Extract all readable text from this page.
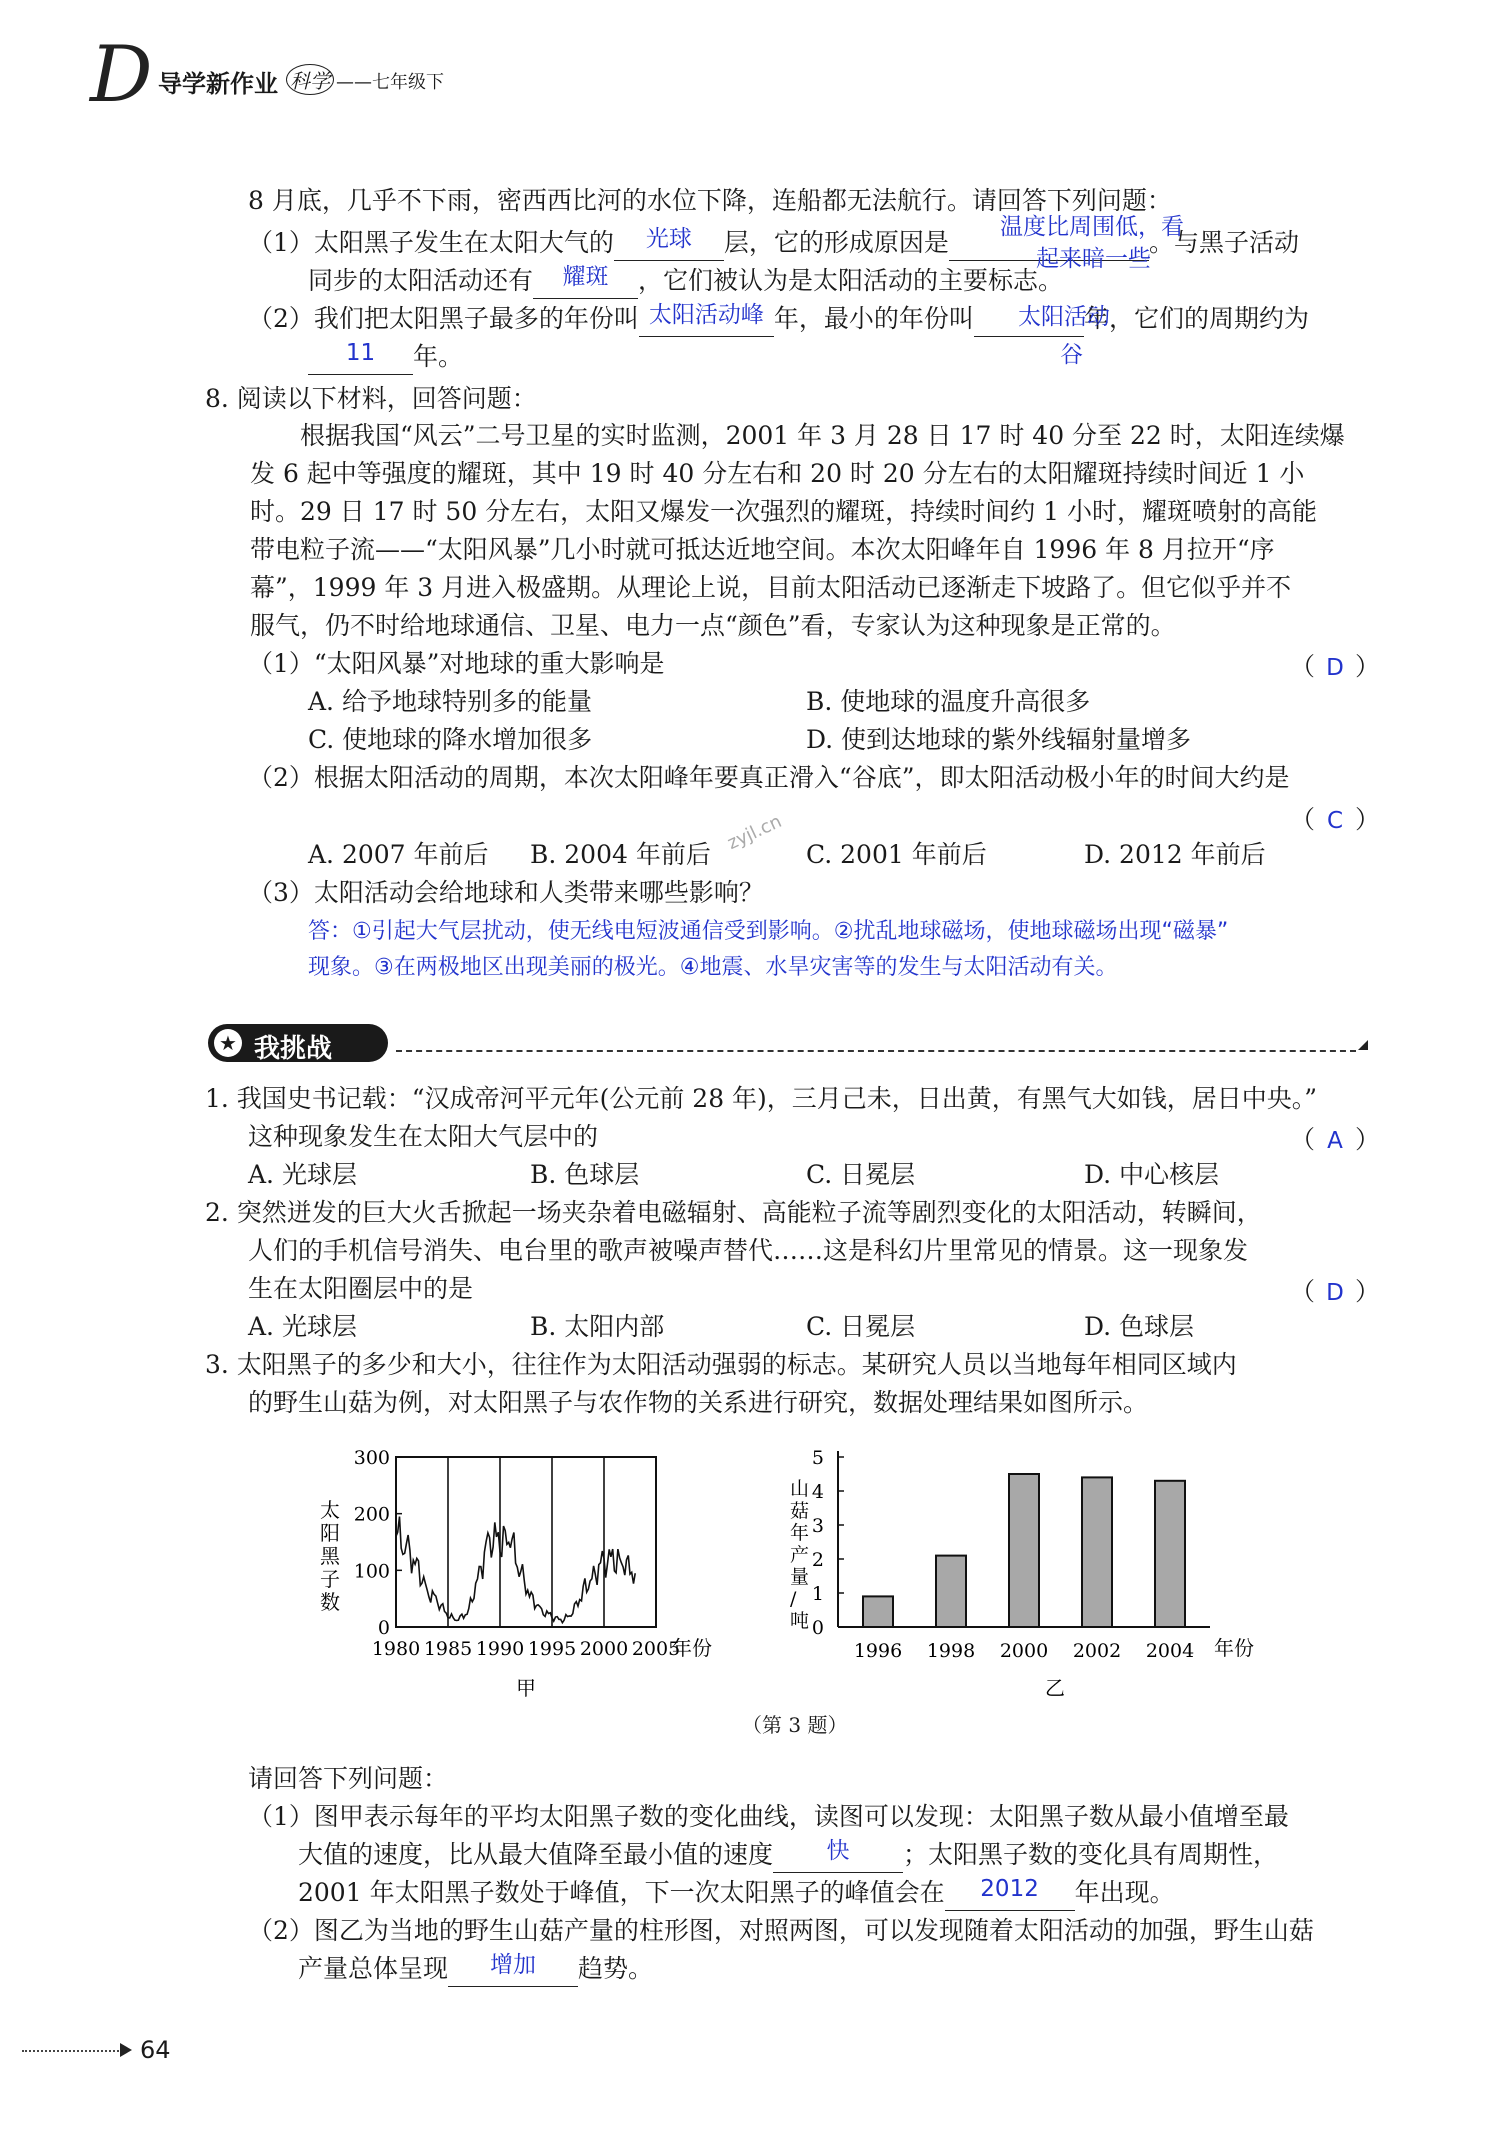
D 导学新作业 科学 ——七年级下
8 月底，几乎不下雨，密西西比河的水位下降，连船都无法航行。请回答下列问题：
（1）太阳黑子发生在太阳大气的	光球	层，它的形成原因是	。与黑子活动
温度比周围低，看
起来暗一些
同步的太阳活动还有	耀斑	，它们被认为是太阳活动的主要标志。
（2）我们把太阳黑子最多的年份叫 太阳活动峰 年，最小的年份叫	年，它们的周期约为
太阳活动
谷
11	年。
8. 阅读以下材料，回答问题：
根据我国“风云”二号卫星的实时监测，2001 年 3 月 28 日 17 时 40 分至 22 时，太阳连续爆
发 6 起中等强度的耀斑，其中 19 时 40 分左右和 20 时 20 分左右的太阳耀斑持续时间近 1 小
时。29 日 17 时 50 分左右，太阳又爆发一次强烈的耀斑，持续时间约 1 小时，耀斑喷射的高能
带电粒子流——“太阳风暴”几小时就可抵达近地空间。本次太阳峰年自 1996 年 8 月拉开“序
幕”，1999 年 3 月进入极盛期。从理论上说，目前太阳活动已逐渐走下坡路了。但它似乎并不
服气，仍不时给地球通信、卫星、电力一点“颜色”看，专家认为这种现象是正常的。
（1）“太阳风暴”对地球的重大影响是	（ D ）
A. 给予地球特别多的能量	B. 使地球的温度升高很多
C. 使地球的降水增加很多	D. 使到达地球的紫外线辐射量增多
（2）根据太阳活动的周期，本次太阳峰年要真正滑入“谷底”，即太阳活动极小年的时间大约是
（ C ）
zyjl.cn
A. 2007 年前后 B. 2004 年前后	C. 2001 年前后	D. 2012 年前后
（3）太阳活动会给地球和人类带来哪些影响？
答：①引起大气层扰动，使无线电短波通信受到影响。②扰乱地球磁场，使地球磁场出现“磁暴”
现象。③在两极地区出现美丽的极光。④地震、水旱灾害等的发生与太阳活动有关。
★ 我挑战
1. 我国史书记载：“汉成帝河平元年(公元前 28 年)，三月己未，日出黄，有黑气大如钱，居日中央。”
这种现象发生在太阳大气层中的	（ A ）
A. 光球层	B. 色球层	C. 日冕层	D. 中心核层
2. 突然迸发的巨大火舌掀起一场夹杂着电磁辐射、高能粒子流等剧烈变化的太阳活动，转瞬间，
人们的手机信号消失、电台里的歌声被噪声替代……这是科幻片里常见的情景。这一现象发
生在太阳圈层中的是	（ D ）
A. 光球层	B. 太阳内部	C. 日冕层	D. 色球层
3. 太阳黑子的多少和大小，往往作为太阳活动强弱的标志。某研究人员以当地每年相同区域内
的野生山菇为例，对太阳黑子与农作物的关系进行研究，数据处理结果如图所示。
太
阳
黑
子
数
0
100
200
300
1980 1985 1990 1995 2000 2005
年份
甲
山
菇
年
产
量
/
吨 0
1
2
3
4
5
1996 1998 2000 2002 2004 年份
乙
（第 3 题）
请回答下列问题：
（1）图甲表示每年的平均太阳黑子数的变化曲线，读图可以发现：太阳黑子数从最小值增至最
大值的速度，比从最大值降至最小值的速度	快	；太阳黑子数的变化具有周期性，
2001 年太阳黑子数处于峰值，下一次太阳黑子的峰值会在	2012	年出现。
（2）图乙为当地的野生山菇产量的柱形图，对照两图，可以发现随着太阳活动的加强，野生山菇
产量总体呈现	增加	趋势。
64
